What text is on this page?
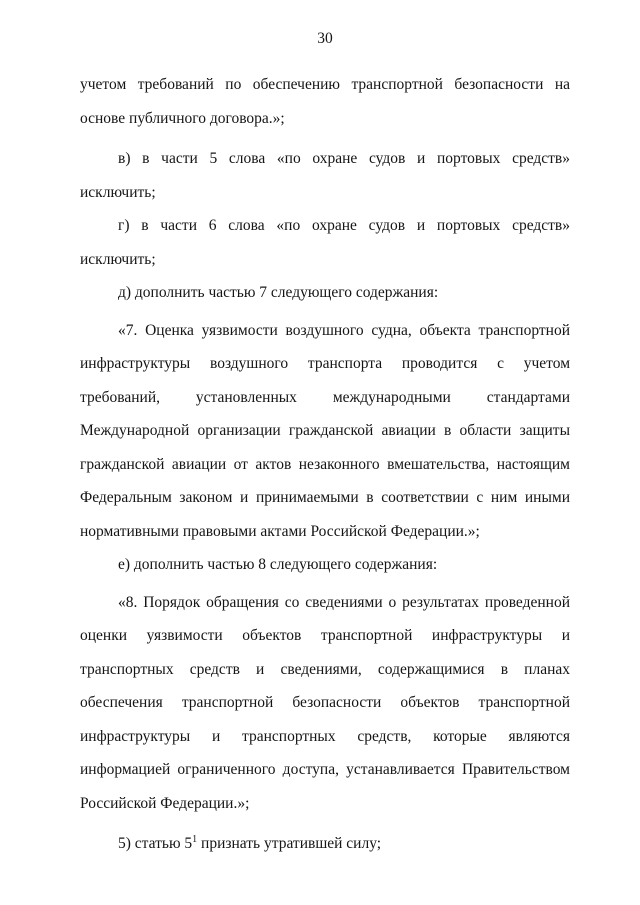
30

учетом требований по обеспечению транспортной безопасности на основе публичного договора.»;

в) в части 5 слова «по охране судов и портовых средств» исключить;

г) в части 6 слова «по охране судов и портовых средств» исключить;

д) дополнить частью 7 следующего содержания:

«7. Оценка уязвимости воздушного судна, объекта транспортной инфраструктуры воздушного транспорта проводится с учетом требований, установленных международными стандартами Международной организации гражданской авиации в области защиты гражданской авиации от актов незаконного вмешательства, настоящим Федеральным законом и принимаемыми в соответствии с ним иными нормативными правовыми актами Российской Федерации.»;

е) дополнить частью 8 следующего содержания:

«8. Порядок обращения со сведениями о результатах проведенной оценки уязвимости объектов транспортной инфраструктуры и транспортных средств и сведениями, содержащимися в планах обеспечения транспортной безопасности объектов транспортной инфраструктуры и транспортных средств, которые являются информацией ограниченного доступа, устанавливается Правительством Российской Федерации.»;

5) статью $5^1$ признать утратившей силу;
